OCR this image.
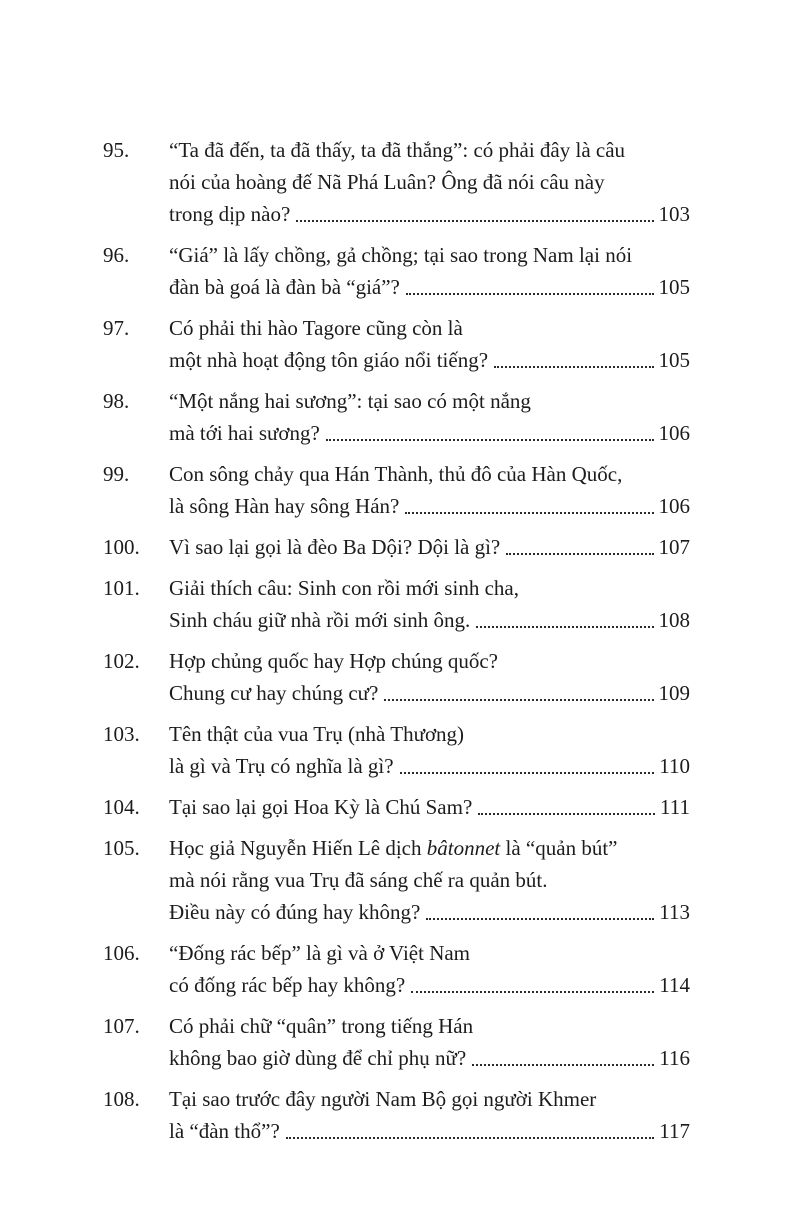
95.	“Ta đã đến, ta đã thấy, ta đã thắng”: có phải đây là câu
nói của hoàng đế Nã Phá Luân? Ông đã nói câu này
trong dịp nào?	103
96.	“Giá” là lấy chồng, gả chồng; tại sao trong Nam lại nói
đàn bà goá là đàn bà “giá”?	105
97.	Có phải thi hào Tagore cũng còn là
một nhà hoạt động tôn giáo nổi tiếng?	105
98.	“Một nắng hai sương”: tại sao có một nắng
mà tới hai sương?	106
99.	Con sông chảy qua Hán Thành, thủ đô của Hàn Quốc,
là sông Hàn hay sông Hán?	106
100.	Vì sao lại gọi là đèo Ba Dội? Dội là gì?	107
101.	Giải thích câu: Sinh con rồi mới sinh cha,
Sinh cháu giữ nhà rồi mới sinh ông.	108
102.	Hợp chủng quốc hay Hợp chúng quốc?
Chung cư hay chúng cư?	109
103.	Tên thật của vua Trụ (nhà Thương)
là gì và Trụ có nghĩa là gì?	110
104.	Tại sao lại gọi Hoa Kỳ là Chú Sam?	111
105.	Học giả Nguyễn Hiến Lê dịch bâtonnet là “quản bút”
mà nói rằng vua Trụ đã sáng chế ra quản bút.
Điều này có đúng hay không?	113
106.	“Đống rác bếp” là gì và ở Việt Nam
có đống rác bếp hay không?	114
107.	Có phải chữ “quân” trong tiếng Hán
không bao giờ dùng để chỉ phụ nữ?	116
108.	Tại sao trước đây người Nam Bộ gọi người Khmer
là “đàn thổ”?	117
